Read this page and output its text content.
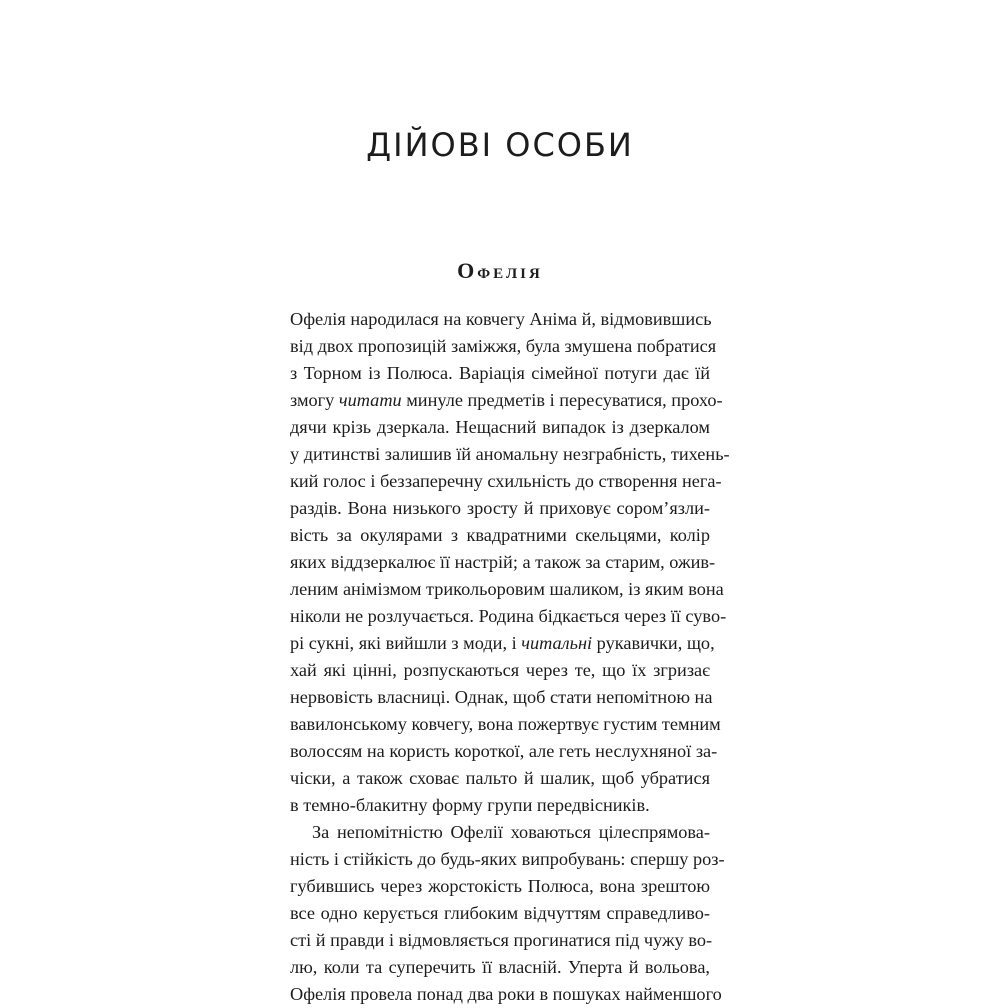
ДІЙОВІ ОСОБИ
Офелія
Офелія народилася на ковчегу Аніма й, відмовившись
від двох пропозицій заміжжя, була змушена побратися
з Торном із Полюса. Варіація сімейної потуги дає їй
змогу читати минуле предметів і пересуватися, прохо-
дячи крізь дзеркала. Нещасний випадок із дзеркалом
у дитинстві залишив їй аномальну незграбність, тихень-
кий голос і беззаперечну схильність до створення нега-
раздів. Вона низького зросту й приховує сором’язли-
вість за окулярами з квадратними скельцями, колір
яких віддзеркалює її настрій; а також за старим, ожив-
леним анімізмом трикольоровим шаликом, із яким вона
ніколи не розлучається. Родина бідкається через її суво-
рі сукні, які вийшли з моди, і читальні рукавички, що,
хай які цінні, розпускаються через те, що їх згризає
нервовість власниці. Однак, щоб стати непомітною на
вавилонському ковчегу, вона пожертвує густим темним
волоссям на користь короткої, але геть неслухняної за-
чіски, а також сховає пальто й шалик, щоб убратися
в темно-блакитну форму групи передвісників.
За непомітністю Офелії ховаються цілеспрямова-
ність і стійкість до будь-яких випробувань: спершу роз-
губившись через жорстокість Полюса, вона зрештою
все одно керується глибоким відчуттям справедливо-
сті й правди і відмовляється прогинатися під чужу во-
лю, коли та суперечить її власній. Уперта й вольова,
Офелія провела понад два роки в пошуках найменшого
